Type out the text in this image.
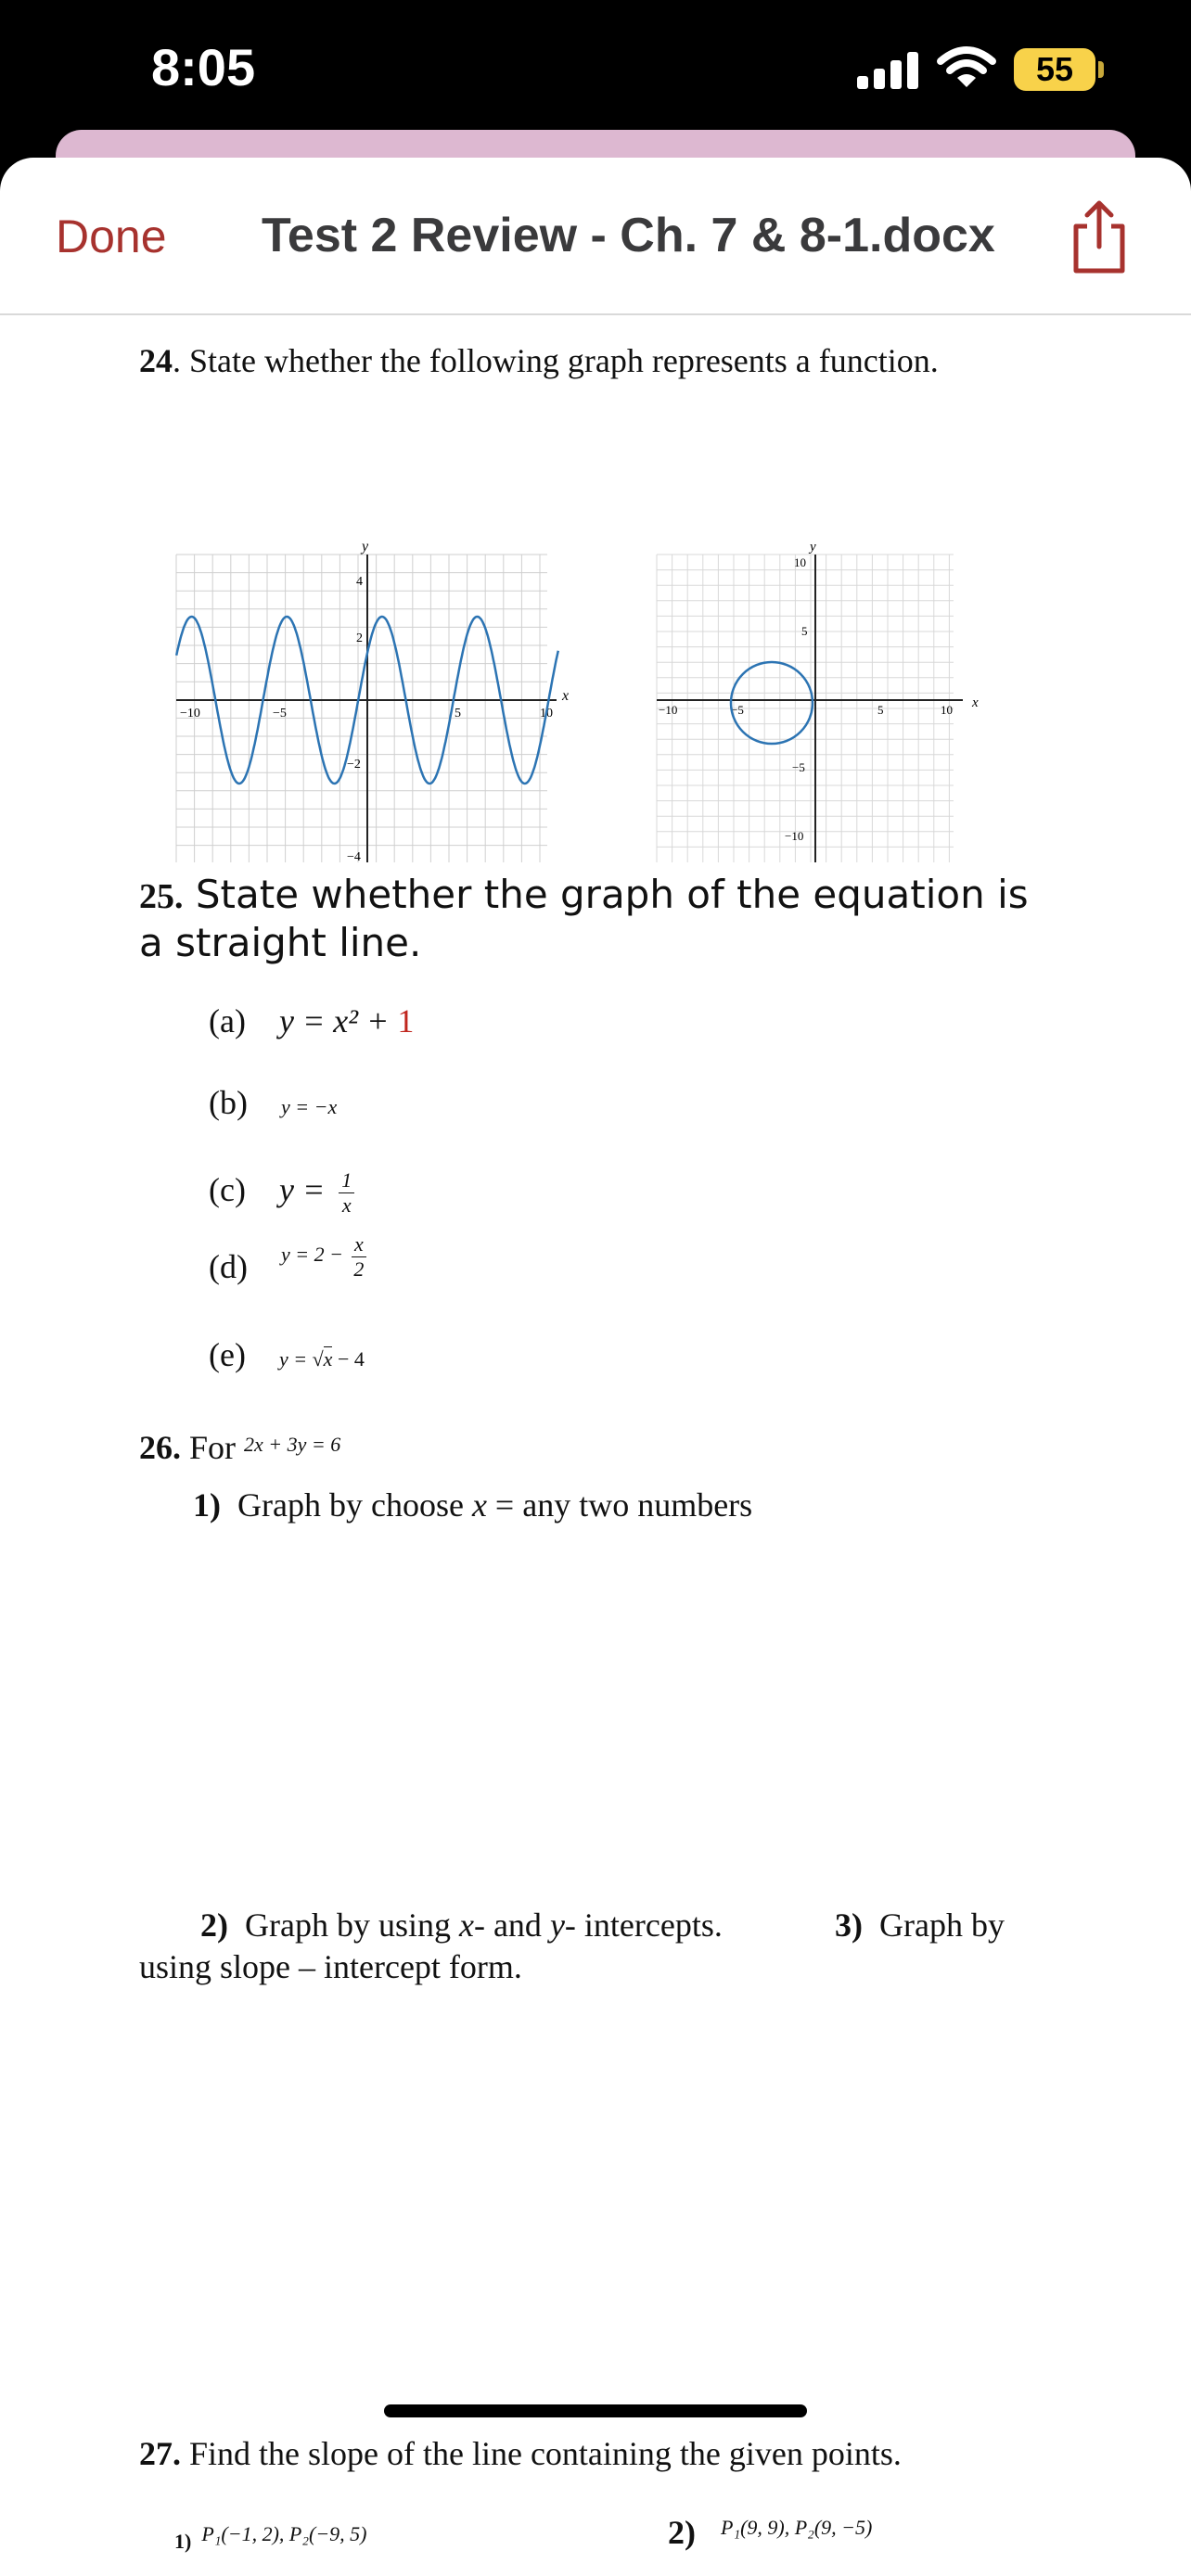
8:05	55
Done Test 2 Review - Ch. 7 & 8-1.docx
24. State whether the following graph represents a function.
x
y
−10	−5	5	10
4
2
−2
−4
x
y
−10	−5	5	10
10
5
−5
−10
25. State whether the graph of the equation is
a straight line.
(a) y = x² + 1
(b) y = −x
(c) $y = \frac{1}{x}$
(d) $^{y = 2 -} \frac{x}{2}$
(e) y = √x − 4
26. For $^{2x + 3y = 6}$
1) Graph by choose x = any two numbers
2) Graph by using x- and y- intercepts.	3) Graph by
using slope – intercept form.
27. Find the slope of the line containing the given points.
1) P₁(−1, 2), P₂(−9, 5)	2) $^{P_1(9, 9), P_2(9, -5)}$
